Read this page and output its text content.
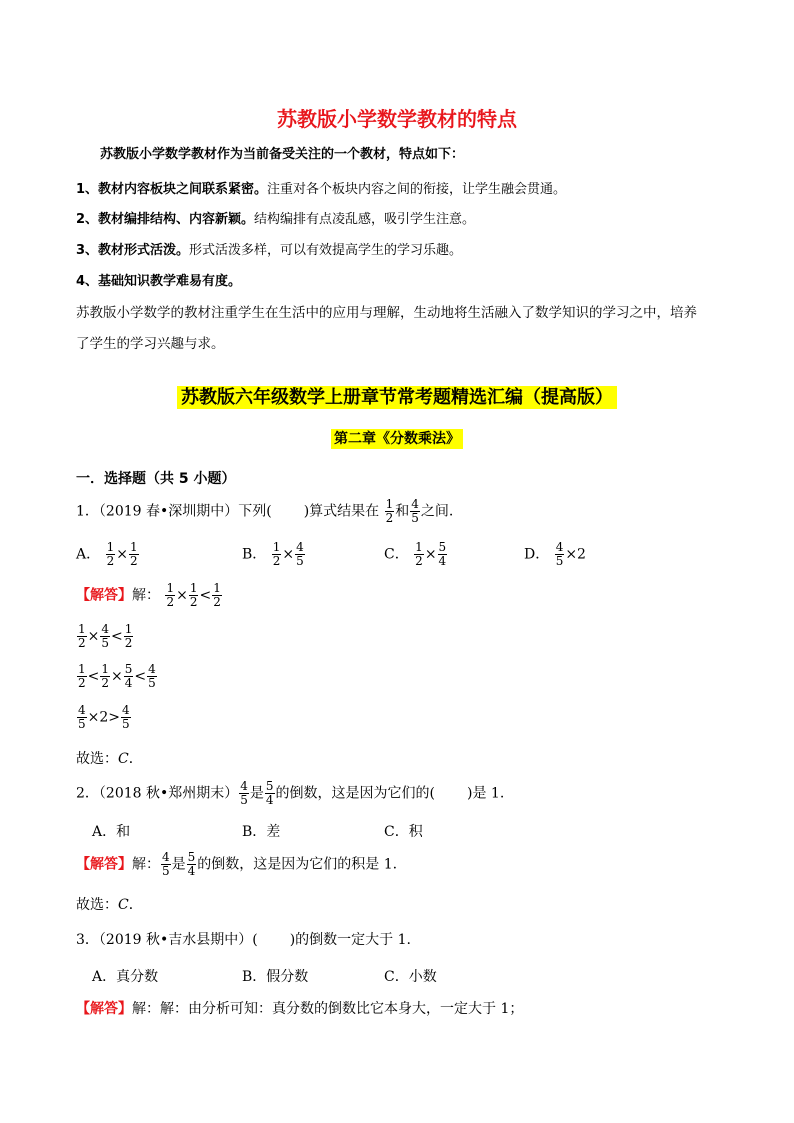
苏教版小学数学教材的特点
苏教版小学数学教材作为当前备受关注的一个教材，特点如下：
1、教材内容板块之间联系紧密。注重对各个板块内容之间的衔接，让学生融会贯通。
2、教材编排结构、内容新颖。结构编排有点凌乱感，吸引学生注意。
3、教材形式活泼。形式活泼多样，可以有效提高学生的学习乐趣。
4、基础知识教学难易有度。
苏教版小学数学的教材注重学生在生活中的应用与理解，生动地将生活融入了数学知识的学习之中，培养
了学生的学习兴趣与求。
苏教版六年级数学上册章节常考题精选汇编（提高版）
第二章《分数乘法》
一．选择题（共 5 小题）
1．（2019 春•深圳期中）下列( )算式结果在 $\frac{1}{2}$ 和 $\frac{4}{5}$ 之间.
A． $\frac{1}{2} \times \frac{1}{2}$	B． $\frac{1}{2} \times \frac{4}{5}$	C． $\frac{1}{2} \times \frac{5}{4}$	D． $\frac{4}{5} \times 2$
【解答】解： $\frac{1}{2} \times \frac{1}{2} < \frac{1}{2}$
$\frac{1}{2} \times \frac{4}{5} < \frac{1}{2}$
$\frac{1}{2} < \frac{1}{2} \times \frac{5}{4} < \frac{4}{5}$
$\frac{4}{5} \times 2> \frac{4}{5}$
故选：C．
2．（2018 秋•郑州期末） $\frac{4}{5}$ 是 $\frac{5}{4}$ 的倒数，这是因为它们的( )是 1.
A．和	B．差	C．积
【解答】解： $\frac{4}{5}$ 是 $\frac{5}{4}$ 的倒数，这是因为它们的积是 1.
故选：C．
3．（2019 秋•吉水县期中）( )的倒数一定大于 1.
A．真分数	B．假分数	C．小数
【解答】解：解：由分析可知：真分数的倒数比它本身大，一定大于 1；
